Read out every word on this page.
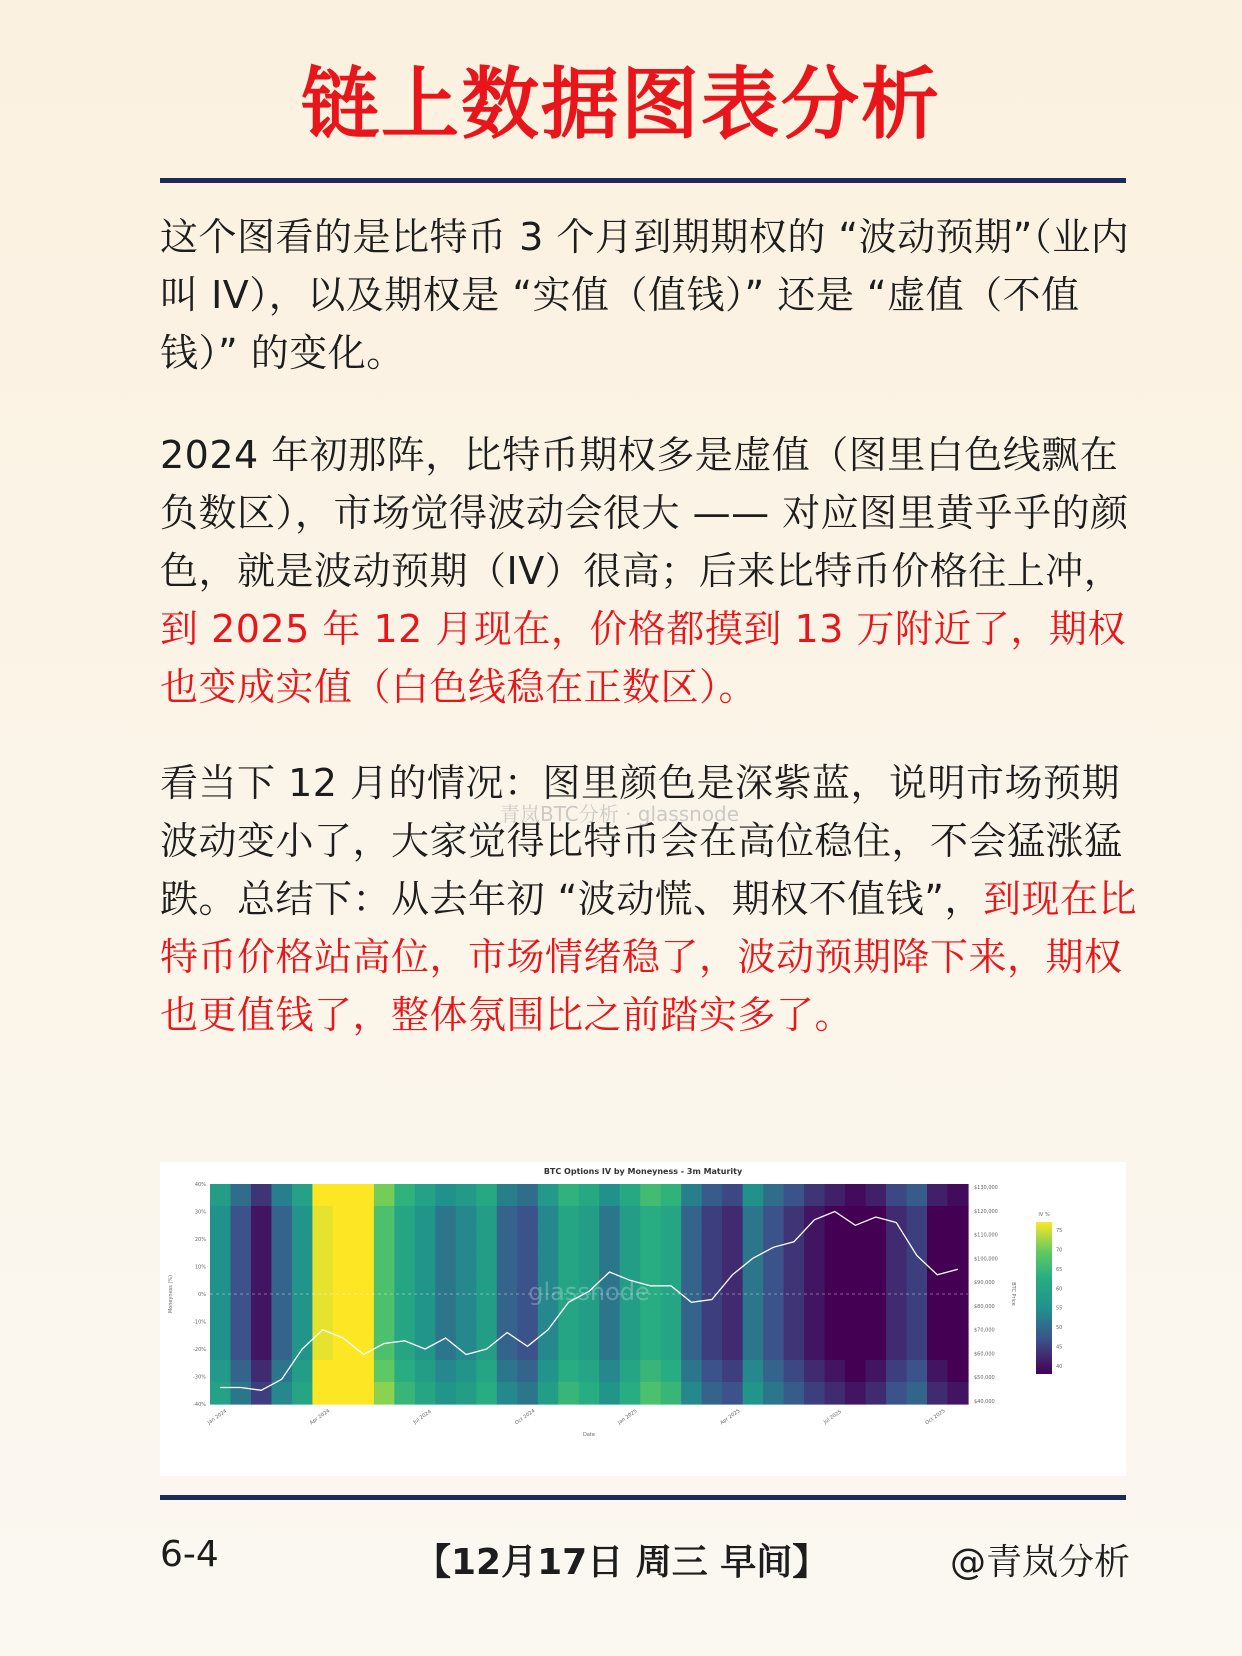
链上数据图表分析
这个图看的是比特币 3 个月到期期权的 “波动预期”（业内叫 IV），以及期权是 “实值（值钱）” 还是 “虚值（不值钱）” 的变化。
2024 年初那阵，比特币期权多是虚值（图里白色线飘在负数区），市场觉得波动会很大 —— 对应图里黄乎乎的颜色，就是波动预期（IV）很高；后来比特币价格往上冲，到 2025 年 12 月现在，价格都摸到 13 万附近了，期权也变成实值（白色线稳在正数区）。
看当下 12 月的情况：图里颜色是深紫蓝，说明市场预期波动变小了，大家觉得比特币会在高位稳住，不会猛涨猛跌。总结下：从去年初 “波动慌、期权不值钱”，到现在比特币价格站高位，市场情绪稳了，波动预期降下来，期权也更值钱了，整体氛围比之前踏实多了。
青岚BTC分析 · glassnode
BTC Options IV by Moneyness - 3m Maturity
glassnode
40%
30%
20%
10%
0%
-10%
-20%
-30%
-40%
$130,000
$120,000
$110,000
$100,000
$90,000
$80,000
$70,000
$60,000
$50,000
$40,000
Jan 2024	Apr 2024	Jul 2024	Oct 2024	Jan 2025	Apr 2025	Jul 2025	Oct 2025
Date
Moneyness (%)	BTC Price
IV %
75
70
65
60
55
50
45
40
6-4	【12月17日 周三 早间】	@青岚分析
